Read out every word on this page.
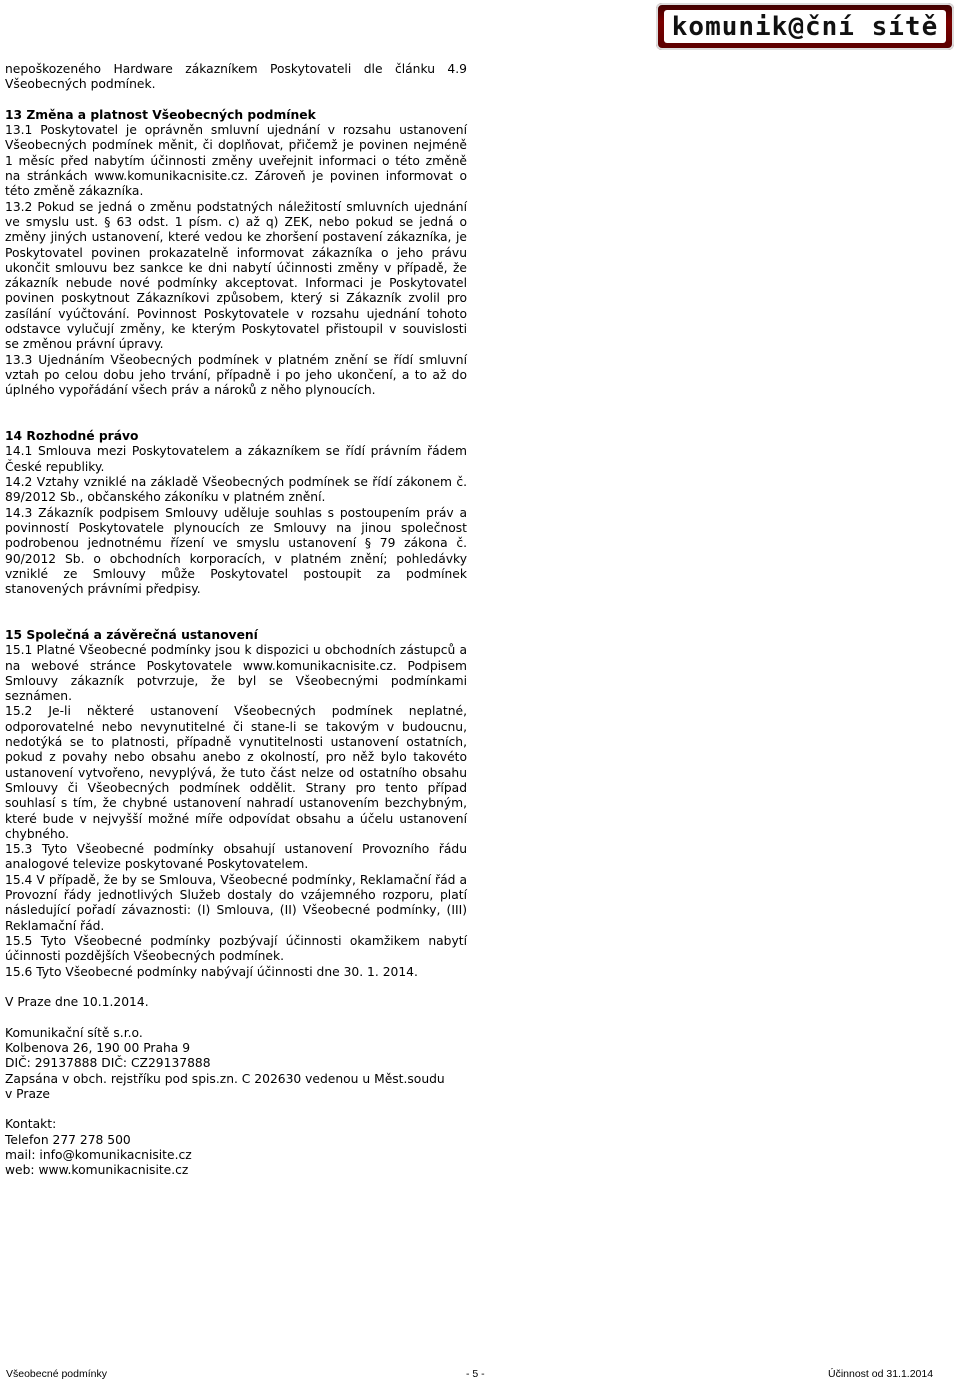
komunik@ční sítě

nepoškozeného Hardware zákazníkem Poskytovateli dle článku 4.9 Všeobecných podmínek.

13 Změna a platnost Všeobecných podmínek

13.1 Poskytovatel je oprávněn smluvní ujednání v rozsahu ustanovení Všeobecných podmínek měnit, či doplňovat, přičemž je povinen nejméně 1 měsíc před nabytím účinnosti změny uveřejnit informaci o této změně na stránkách www.komunikacnisite.cz. Zároveň je povinen informovat o této změně zákazníka.

13.2 Pokud se jedná o změnu podstatných náležitostí smluvních ujednání ve smyslu ust. § 63 odst. 1 písm. c) až q) ZEK, nebo pokud se jedná o změny jiných ustanovení, které vedou ke zhoršení postavení zákazníka, je Poskytovatel povinen prokazatelně informovat zákazníka o jeho právu ukončit smlouvu bez sankce ke dni nabytí účinnosti změny v případě, že zákazník nebude nové podmínky akceptovat. Informaci je Poskytovatel povinen poskytnout Zákazníkovi způsobem, který si Zákazník zvolil pro zasílání vyúčtování. Povinnost Poskytovatele v rozsahu ujednání tohoto odstavce vylučují změny, ke kterým Poskytovatel přistoupil v souvislosti se změnou právní úpravy.

13.3 Ujednáním Všeobecných podmínek v platném znění se řídí smluvní vztah po celou dobu jeho trvání, případně i po jeho ukončení, a to až do úplného vypořádání všech práv a nároků z něho plynoucích.

14 Rozhodné právo

14.1 Smlouva mezi Poskytovatelem a zákazníkem se řídí právním řádem České republiky.

14.2 Vztahy vzniklé na základě Všeobecných podmínek se řídí zákonem č. 89/2012 Sb., občanského zákoníku v platném znění.

14.3 Zákazník podpisem Smlouvy uděluje souhlas s postoupením práv a povinností Poskytovatele plynoucích ze Smlouvy na jinou společnost podrobenou jednotnému řízení ve smyslu ustanovení § 79 zákona č. 90/2012 Sb. o obchodních korporacích, v platném znění; pohledávky vzniklé ze Smlouvy může Poskytovatel postoupit za podmínek stanovených právními předpisy.

15 Společná a závěrečná ustanovení

15.1 Platné Všeobecné podmínky jsou k dispozici u obchodních zástupců a na webové stránce Poskytovatele www.komunikacnisite.cz. Podpisem Smlouvy zákazník potvrzuje, že byl se Všeobecnými podmínkami seznámen.

15.2 Je-li některé ustanovení Všeobecných podmínek neplatné, odporovatelné nebo nevynutitelné či stane-li se takovým v budoucnu, nedotýká se to platnosti, případně vynutitelnosti ustanovení ostatních, pokud z povahy nebo obsahu anebo z okolností, pro něž bylo takovéto ustanovení vytvořeno, nevyplývá, že tuto část nelze od ostatního obsahu Smlouvy či Všeobecných podmínek oddělit. Strany pro tento případ souhlasí s tím, že chybné ustanovení nahradí ustanovením bezchybným, které bude v nejvyšší možné míře odpovídat obsahu a účelu ustanovení chybného.

15.3 Tyto Všeobecné podmínky obsahují ustanovení Provozního řádu analogové televize poskytované Poskytovatelem.

15.4 V případě, že by se Smlouva, Všeobecné podmínky, Reklamační řád a Provozní řády jednotlivých Služeb dostaly do vzájemného rozporu, platí následující pořadí závaznosti: (I) Smlouva, (II) Všeobecné podmínky, (III) Reklamační řád.

15.5 Tyto Všeobecné podmínky pozbývají účinnosti okamžikem nabytí účinnosti pozdějších Všeobecných podmínek.

15.6 Tyto Všeobecné podmínky nabývají účinnosti dne 30. 1. 2014.

V Praze dne 10.1.2014.

Komunikační sítě s.r.o.

Kolbenova 26, 190 00 Praha 9

DIČ: 29137888 DIČ: CZ29137888

Zapsána v obch. rejstříku pod spis.zn. C 202630 vedenou u Měst.soudu

v Praze

Kontakt:

Telefon 277 278 500

mail: info@komunikacnisite.cz

web: www.komunikacnisite.cz

Všeobecné podmínky	- 5 -	Účinnost od 31.1.2014
